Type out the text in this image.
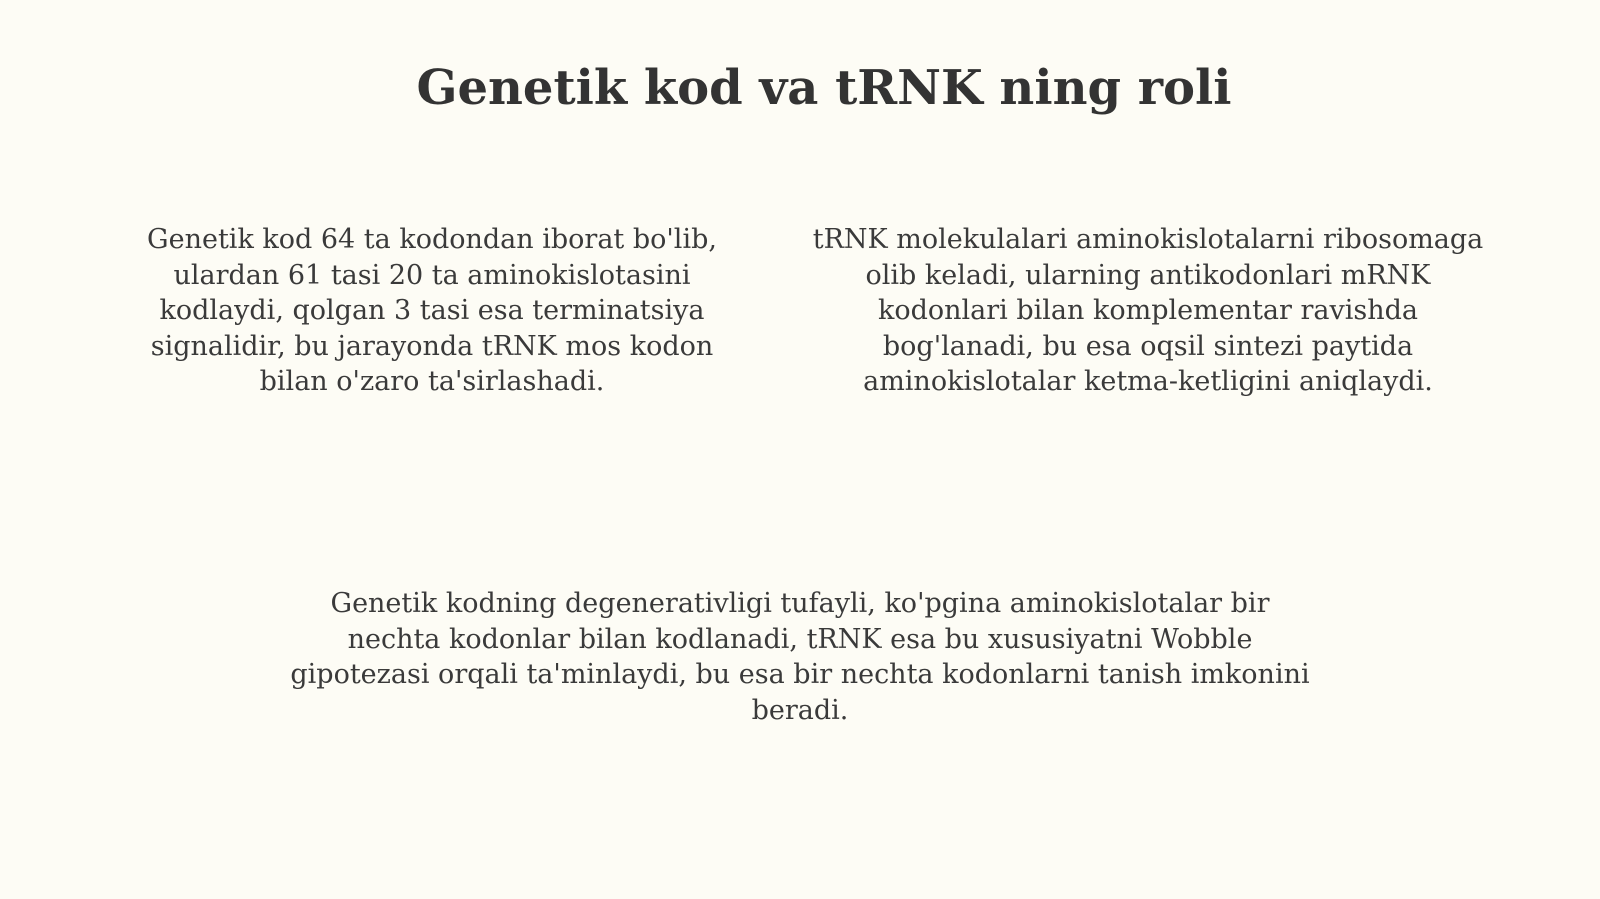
Genetik kod va tRNK ning roli

Genetik kod 64 ta kodondan iborat bo'lib, ulardan 61 tasi 20 ta aminokislotasini kodlaydi, qolgan 3 tasi esa terminatsiya signalidir, bu jarayonda tRNK mos kodon bilan o'zaro ta'sirlashadi.

tRNK molekulalari aminokislotalarni ribosomaga olib keladi, ularning antikodonlari mRNK kodonlari bilan komplementar ravishda bog'lanadi, bu esa oqsil sintezi paytida aminokislotalar ketma-ketligini aniqlaydi.

Genetik kodning degenerativligi tufayli, ko'pgina aminokislotalar bir nechta kodonlar bilan kodlanadi, tRNK esa bu xususiyatni Wobble gipotezasi orqali ta'minlaydi, bu esa bir nechta kodonlarni tanish imkonini beradi.
